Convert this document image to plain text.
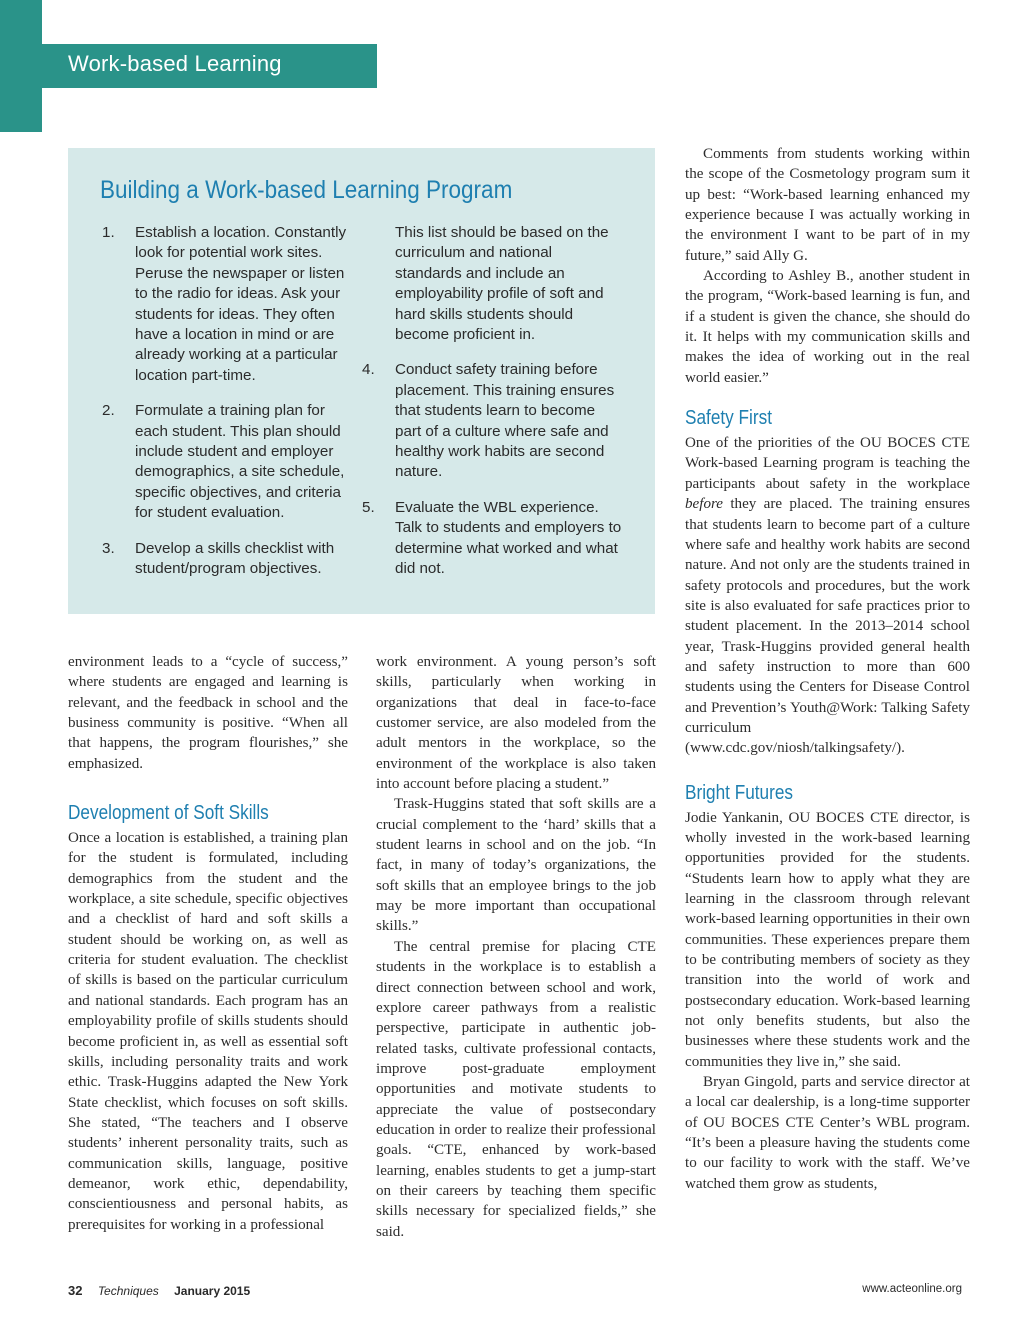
Work-based Learning
Building a Work-based Learning Program
1.	Establish a location. Constantly look for potential work sites. Peruse the newspaper or listen to the radio for ideas. Ask your students for ideas. They often have a location in mind or are already working at a particular location part-time.
2.	Formulate a training plan for each student. This plan should include student and employer demographics, a site schedule, specific objectives, and criteria for student evaluation.
3.	Develop a skills checklist with student/program objectives.
This list should be based on the curriculum and national standards and include an employability profile of soft and hard skills students should become proficient in.
4.	Conduct safety training before placement. This training ensures that students learn to become part of a culture where safe and healthy work habits are second nature.
5.	Evaluate the WBL experience. Talk to students and employers to determine what worked and what did not.

environment leads to a “cycle of success,” where students are engaged and learning is relevant, and the feedback in school and the business community is positive. “When all that happens, the program flourishes,” she emphasized.

Development of Soft Skills

Once a location is established, a training plan for the student is formulated, including demographics from the student and the workplace, a site schedule, specific objectives and a checklist of hard and soft skills a student should be working on, as well as criteria for student evaluation. The checklist of skills is based on the particular curriculum and national standards. Each program has an employability profile of skills students should become proficient in, as well as essential soft skills, including personality traits and work ethic. Trask-Huggins adapted the New York State checklist, which focuses on soft skills. She stated, “The teachers and I observe students’ inherent personality traits, such as communication skills, language, positive demeanor, work ethic, dependability, conscientiousness and personal habits, as prerequisites for working in a professional

work environment. A young person’s soft skills, particularly when working in organizations that deal in face-to-face customer service, are also modeled from the adult mentors in the workplace, so the environment of the workplace is also taken into account before placing a student.”

Trask-Huggins stated that soft skills are a crucial complement to the ‘hard’ skills that a student learns in school and on the job. “In fact, in many of today’s organizations, the soft skills that an employee brings to the job may be more important than occupational skills.”

The central premise for placing CTE students in the workplace is to establish a direct connection between school and work, explore career pathways from a realistic perspective, participate in authentic job-related tasks, cultivate professional contacts, improve post-graduate employment opportunities and motivate students to appreciate the value of postsecondary education in order to realize their professional goals. “CTE, enhanced by work-based learning, enables students to get a jump-start on their careers by teaching them specific skills necessary for specialized fields,” she said.

Comments from students working within the scope of the Cosmetology program sum it up best: “Work-based learning enhanced my experience because I was actually working in the environment I want to be part of in my future,” said Ally G.

According to Ashley B., another student in the program, “Work-based learning is fun, and if a student is given the chance, she should do it. It helps with my communication skills and makes the idea of working out in the real world easier.”

Safety First

One of the priorities of the OU BOCES CTE Work-based Learning program is teaching the participants about safety in the workplace before they are placed. The training ensures that students learn to become part of a culture where safe and healthy work habits are second nature. And not only are the students trained in safety protocols and procedures, but the work site is also evaluated for safe practices prior to student placement. In the 2013–2014 school year, Trask-Huggins provided general health and safety instruction to more than 600 students using the Centers for Disease Control and Prevention’s Youth@Work: Talking Safety curriculum (www.cdc.gov/niosh/talkingsafety/).

Bright Futures

Jodie Yankanin, OU BOCES CTE director, is wholly invested in the work-based learning opportunities provided for the students. “Students learn how to apply what they are learning in the classroom through relevant work-based learning opportunities in their own communities. These experiences prepare them to be contributing members of society as they transition into the world of work and postsecondary education. Work-based learning not only benefits students, but also the businesses where these students work and the communities they live in,” she said.

Bryan Gingold, parts and service director at a local car dealership, is a long-time supporter of OU BOCES CTE Center’s WBL program. “It’s been a pleasure having the students come to our facility to work with the staff. We’ve watched them grow as students,

32 Techniques January 2015	www.acteonline.org
